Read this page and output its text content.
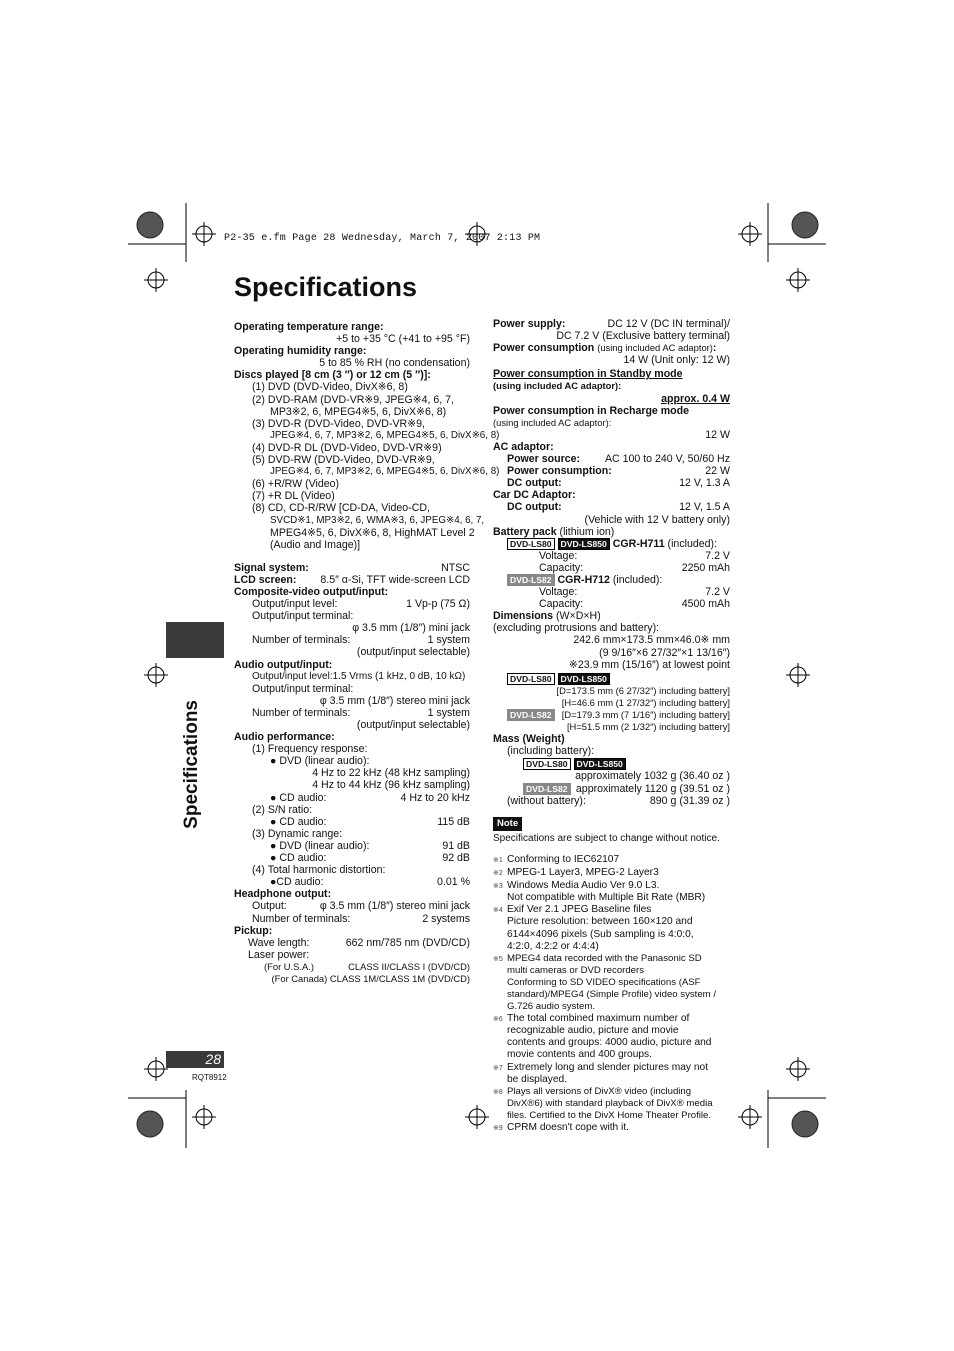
P2-35 e.fm Page 28 Wednesday, March 7, 2007 2:13 PM
Specifications
Specifications
28
RQT8912
Operating temperature range:
+5 to +35 °C (+41 to +95 °F)
Operating humidity range:
5 to 85 % RH (no condensation)
Discs played [8 cm (3 ″) or 12 cm (5 ″)]:
(1) DVD (DVD-Video, DivX※6, 8)
(2) DVD-RAM (DVD-VR※9, JPEG※4, 6, 7,
MP3※2, 6, MPEG4※5, 6, DivX※6, 8)
(3) DVD-R (DVD-Video, DVD-VR※9,
JPEG※4, 6, 7, MP3※2, 6, MPEG4※5, 6, DivX※6, 8)
(4) DVD-R DL (DVD-Video, DVD-VR※9)
(5) DVD-RW (DVD-Video, DVD-VR※9,
JPEG※4, 6, 7, MP3※2, 6, MPEG4※5, 6, DivX※6, 8)
(6) +R/RW (Video)
(7) +R DL (Video)
(8) CD, CD-R/RW [CD-DA, Video-CD,
SVCD※1, MP3※2, 6, WMA※3, 6, JPEG※4, 6, 7,
MPEG4※5, 6, DivX※6, 8, HighMAT Level 2
(Audio and Image)]
Signal system:	NTSC
LCD screen: 8.5″ α-Si, TFT wide-screen LCD
Composite-video output/input:
Output/input level:	1 Vp-p (75 Ω)
Output/input terminal:
φ 3.5 mm (1/8″) mini jack
Number of terminals:	1 system
(output/input selectable)
Audio output/input:
Output/input level:1.5 Vrms (1 kHz, 0 dB, 10 kΩ)
Output/input terminal:
φ 3.5 mm (1/8″) stereo mini jack
Number of terminals:	1 system
(output/input selectable)
Audio performance:
(1) Frequency response:
● DVD (linear audio):
4 Hz to 22 kHz (48 kHz sampling)
4 Hz to 44 kHz (96 kHz sampling)
● CD audio:	4 Hz to 20 kHz
(2) S/N ratio:
● CD audio:	115 dB
(3) Dynamic range:
● DVD (linear audio):	91 dB
● CD audio:	92 dB
(4) Total harmonic distortion:
●CD audio:	0.01 %
Headphone output:
Output:	φ 3.5 mm (1/8″) stereo mini jack
Number of terminals:	2 systems
Pickup:
Wave length:	662 nm/785 nm (DVD/CD)
Laser power:
(For U.S.A.)	CLASS II/CLASS I (DVD/CD)
(For Canada) CLASS 1M/CLASS 1M (DVD/CD)
Power supply:	DC 12 V (DC IN terminal)/
DC 7.2 V (Exclusive battery terminal)
Power consumption (using included AC adaptor):
14 W (Unit only: 12 W)
Power consumption in Standby mode
(using included AC adaptor):
approx. 0.4 W
Power consumption in Recharge mode
(using included AC adaptor):
12 W
AC adaptor:
Power source: AC 100 to 240 V, 50/60 Hz
Power consumption:	22 W
DC output:	12 V, 1.3 A
Car DC Adaptor:
DC output:	12 V, 1.5 A
(Vehicle with 12 V battery only)
Battery pack (lithium ion)
DVD-LS80 DVD-LS850 CGR-H711 (included):
Voltage:	7.2 V
Capacity:	2250 mAh
DVD-LS82 CGR-H712 (included):
Voltage:	7.2 V
Capacity:	4500 mAh
Dimensions (W×D×H)
(excluding protrusions and battery):
242.6 mm×173.5 mm×46.0※ mm
(9 9/16″×6 27/32″×1 13/16″)
※23.9 mm (15/16″) at lowest point
DVD-LS80 DVD-LS850
[D=173.5 mm (6 27/32″) including battery]
[H=46.6 mm (1 27/32″) including battery]
DVD-LS82	[D=179.3 mm (7 1/16″) including battery]
[H=51.5 mm (2 1/32″) including battery]
Mass (Weight)
(including battery):
DVD-LS80 DVD-LS850
approximately 1032 g (36.40 oz )
DVD-LS82 approximately 1120 g (39.51 oz )
(without battery):	890 g (31.39 oz )
Note
Specifications are subject to change without notice.
※1 Conforming to IEC62107
※2 MPEG-1 Layer3, MPEG-2 Layer3
※3 Windows Media Audio Ver 9.0 L3.
Not compatible with Multiple Bit Rate (MBR)
※4 Exif Ver 2.1 JPEG Baseline files
Picture resolution: between 160×120 and
6144×4096 pixels (Sub sampling is 4:0:0,
4:2:0, 4:2:2 or 4:4:4)
※5 MPEG4 data recorded with the Panasonic SD
multi cameras or DVD recorders
Conforming to SD VIDEO specifications (ASF
standard)/MPEG4 (Simple Profile) video system /
G.726 audio system.
※6 The total combined maximum number of
recognizable audio, picture and movie
contents and groups: 4000 audio, picture and
movie contents and 400 groups.
※7 Extremely long and slender pictures may not
be displayed.
※8 Plays all versions of DivX® video (including
DivX®6) with standard playback of DivX® media
files. Certified to the DivX Home Theater Profile.
※9 CPRM doesn't cope with it.
